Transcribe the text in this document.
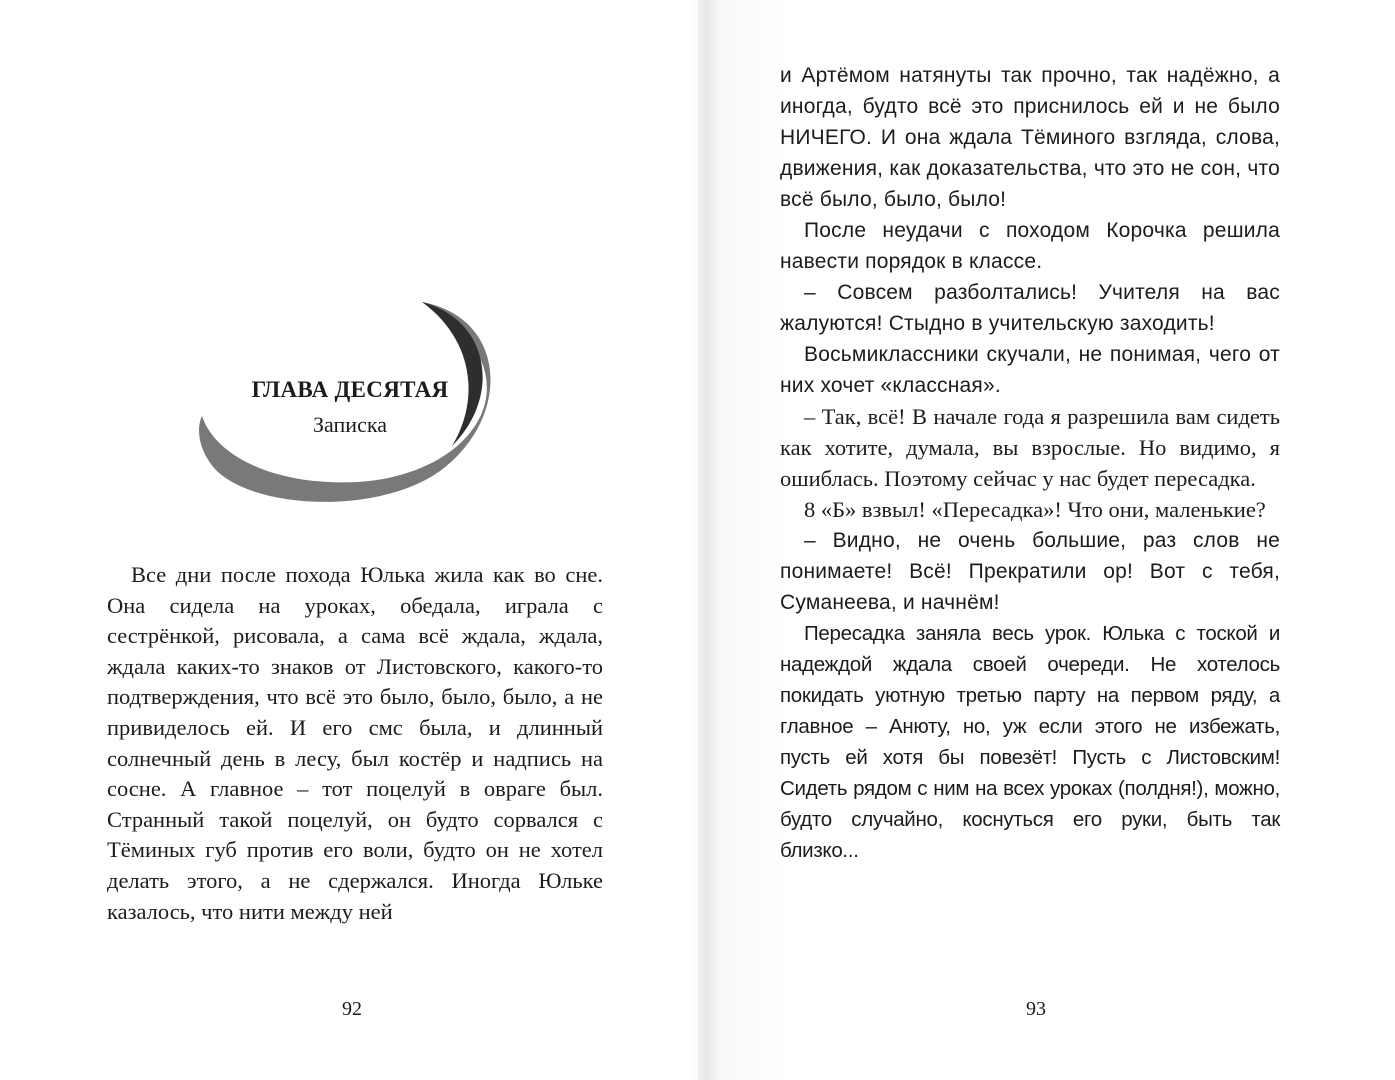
ГЛАВА ДЕСЯТАЯ

Записка

Все дни после похода Юлька жила как во сне. Она сидела на уроках, обедала, играла с сестрёнкой, рисовала, а сама всё ждала, ждала, ждала каких-то знаков от Листовского, какого-то подтверждения, что всё это было, было, было, а не привиделось ей. И его смс была, и длинный солнечный день в лесу, был костёр и надпись на сосне. А главное – тот поцелуй в овраге был. Странный такой поцелуй, он будто сорвался с Тёминых губ против его воли, будто он не хотел делать этого, а не сдержался. Иногда Юльке казалось, что нити между ней

92

и Артёмом натянуты так прочно, так надёжно, а иногда, будто всё это приснилось ей и не было НИЧЕГО. И она ждала Тёминого взгляда, слова, движения, как доказательства, что это не сон, что всё было, было, было!

После неудачи с походом Корочка решила навести порядок в классе.

– Совсем разболтались! Учителя на вас жалуются! Стыдно в учительскую заходить!

Восьмиклассники скучали, не понимая, чего от них хочет «классная».

– Так, всё! В начале года я разрешила вам сидеть как хотите, думала, вы взрослые. Но видимо, я ошиблась. Поэтому сейчас у нас будет пересадка.

8 «Б» взвыл! «Пересадка»! Что они, маленькие?

– Видно, не очень большие, раз слов не понимаете! Всё! Прекратили ор! Вот с тебя, Суманеева, и начнём!

Пересадка заняла весь урок. Юлька с тоской и надеждой ждала своей очереди. Не хотелось покидать уютную третью парту на первом ряду, а главное – Анюту, но, уж если этого не избежать, пусть ей хотя бы повезёт! Пусть с Листовским! Сидеть рядом с ним на всех уроках (полдня!), можно, будто случайно, коснуться его руки, быть так близко...

93
